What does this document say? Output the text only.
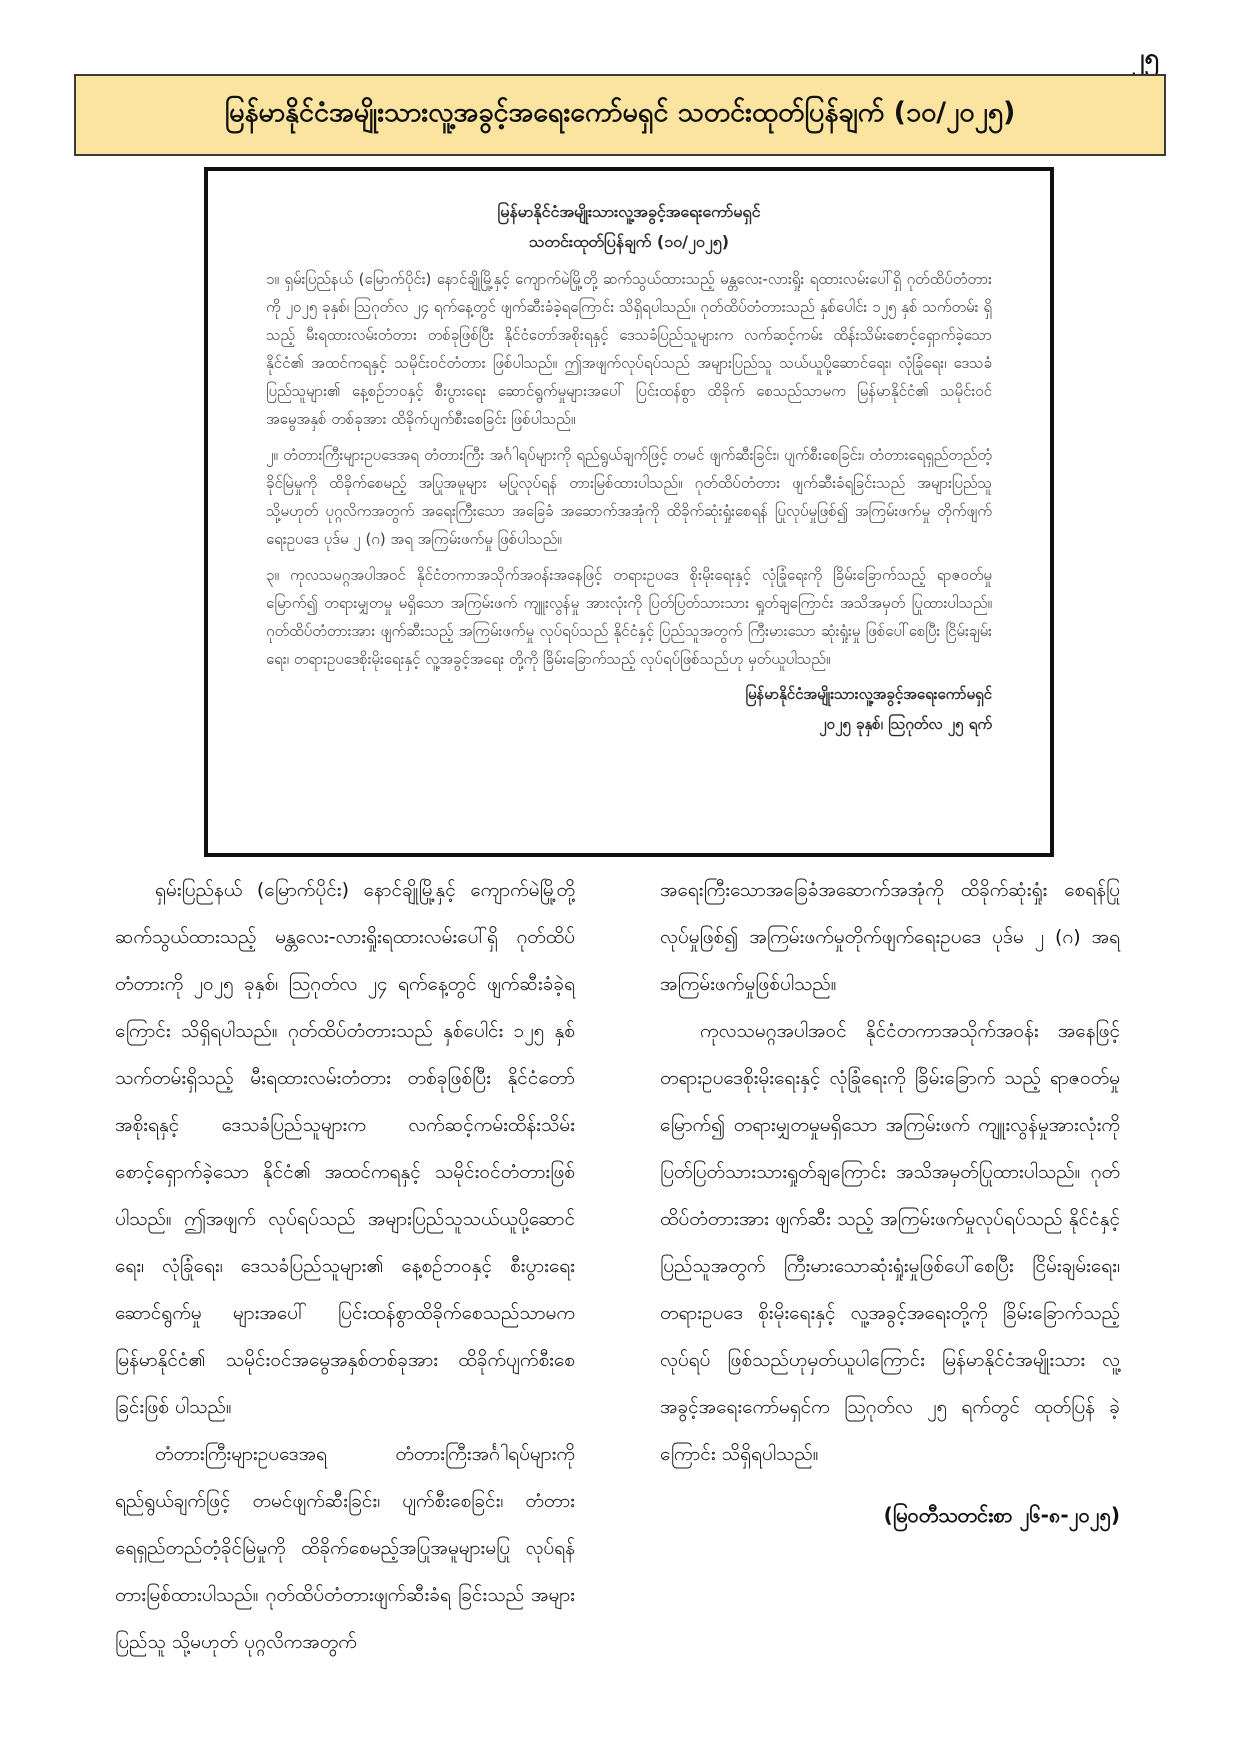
၂၅
မြန်မာနိုင်ငံအမျိုးသားလူ့အခွင့်အရေးကော်မရှင် သတင်းထုတ်ပြန်ချက် (၁၀/၂၀၂၅)
မြန်မာနိုင်ငံအမျိုးသားလူ့အခွင့်အရေးကော်မရှင်
သတင်းထုတ်ပြန်ချက် (၁၀/၂၀၂၅)

၁။ ရှမ်းပြည်နယ် (မြောက်ပိုင်း) နောင်ချိုမြို့နှင့် ကျောက်မဲမြို့တို့ ဆက်သွယ်ထားသည့် မန္တလေး-လားရှိုး ရထားလမ်းပေါ်ရှိ ဂုတ်ထိပ်တံတားကို ၂၀၂၅ ခုနှစ်၊ ဩဂုတ်လ ၂၄ ရက်နေ့တွင် ဖျက်ဆီးခံခဲ့ရကြောင်း သိရှိရပါသည်။ ဂုတ်ထိပ်တံတားသည် နှစ်ပေါင်း ၁၂၅ နှစ် သက်တမ်း ရှိသည့် မီးရထားလမ်းတံတား တစ်ခုဖြစ်ပြီး နိုင်ငံတော်အစိုးရနှင့် ဒေသခံပြည်သူများက လက်ဆင့်ကမ်း ထိန်းသိမ်းစောင့်ရှောက်ခဲ့သော နိုင်ငံ၏ အထင်ကရနှင့် သမိုင်းဝင်တံတား ဖြစ်ပါသည်။ ဤအဖျက်လုပ်ရပ်သည် အများပြည်သူ သယ်ယူပို့ဆောင်ရေး၊ လုံခြုံရေး၊ ဒေသခံပြည်သူများ၏ နေ့စဉ်ဘဝနှင့် စီးပွားရေး ဆောင်ရွက်မှုများအပေါ် ပြင်းထန်စွာ ထိခိုက် စေသည်သာမက မြန်မာနိုင်ငံ၏ သမိုင်းဝင်အမွေအနှစ် တစ်ခုအား ထိခိုက်ပျက်စီးစေခြင်း ဖြစ်ပါသည်။

၂။ တံတားကြီးများဥပဒေအရ တံတားကြီး အင်္ဂါရပ်များကို ရည်ရွယ်ချက်ဖြင့် တမင် ဖျက်ဆီးခြင်း၊ ပျက်စီးစေခြင်း၊ တံတားရေရှည်တည်တံ့ခိုင်မြဲမှုကို ထိခိုက်စေမည့် အပြုအမူများ မပြုလုပ်ရန် တားမြစ်ထားပါသည်။ ဂုတ်ထိပ်တံတား ဖျက်ဆီးခံရခြင်းသည် အများပြည်သူ သို့မဟုတ် ပုဂ္ဂလိကအတွက် အရေးကြီးသော အခြေခံ အဆောက်အအုံကို ထိခိုက်ဆုံးရှုံးစေရန် ပြုလုပ်မှုဖြစ်၍ အကြမ်းဖက်မှု တိုက်ဖျက်ရေးဥပဒေ ပုဒ်မ ၂ (ဂ) အရ အကြမ်းဖက်မှု ဖြစ်ပါသည်။

၃။ ကုလသမဂ္ဂအပါအဝင် နိုင်ငံတကာအသိုက်အဝန်းအနေဖြင့် တရားဥပဒေ စိုးမိုးရေးနှင့် လုံခြုံရေးကို ခြိမ်းခြောက်သည့် ရာဇဝတ်မှုမြောက်၍ တရားမျှတမှု မရှိသော အကြမ်းဖက် ကျူးလွန်မှု အားလုံးကို ပြတ်ပြတ်သားသား ရှုတ်ချကြောင်း အသိအမှတ် ပြုထားပါသည်။ ဂုတ်ထိပ်တံတားအား ဖျက်ဆီးသည့် အကြမ်းဖက်မှု လုပ်ရပ်သည် နိုင်ငံနှင့် ပြည်သူအတွက် ကြီးမားသော ဆုံးရှုံးမှု ဖြစ်ပေါ်စေပြီး ငြိမ်းချမ်းရေး၊ တရားဥပဒေစိုးမိုးရေးနှင့် လူ့အခွင့်အရေး တို့ကို ခြိမ်းခြောက်သည့် လုပ်ရပ်ဖြစ်သည်ဟု မှတ်ယူပါသည်။

မြန်မာနိုင်ငံအမျိုးသားလူ့အခွင့်အရေးကော်မရှင်
၂၀၂၅ ခုနှစ်၊ ဩဂုတ်လ ၂၅ ရက်

ရှမ်းပြည်နယ် (မြောက်ပိုင်း) နောင်ချိုမြို့နှင့် ကျောက်မဲမြို့တို့ဆက်သွယ်ထားသည့် မန္တလေး-လားရှိုးရထားလမ်းပေါ်ရှိ ဂုတ်ထိပ်တံတားကို ၂၀၂၅ ခုနှစ်၊ ဩဂုတ်လ ၂၄ ရက်နေ့တွင် ဖျက်ဆီးခံခဲ့ရကြောင်း သိရှိရပါသည်။ ဂုတ်ထိပ်တံတားသည် နှစ်ပေါင်း ၁၂၅ နှစ် သက်တမ်းရှိသည့် မီးရထားလမ်းတံတား တစ်ခုဖြစ်ပြီး နိုင်ငံတော်အစိုးရနှင့် ဒေသခံပြည်သူများက လက်ဆင့်ကမ်းထိန်းသိမ်းစောင့်ရှောက်ခဲ့သော နိုင်ငံ၏ အထင်ကရနှင့် သမိုင်းဝင်တံတားဖြစ်ပါသည်။ ဤအဖျက် လုပ်ရပ်သည် အများပြည်သူသယ်ယူပို့ဆောင်ရေး၊ လုံခြုံရေး၊ ဒေသခံပြည်သူများ၏ နေ့စဉ်ဘဝနှင့် စီးပွားရေးဆောင်ရွက်မှု များအပေါ် ပြင်းထန်စွာထိခိုက်စေသည်သာမက မြန်မာနိုင်ငံ၏ သမိုင်းဝင်အမွေအနှစ်တစ်ခုအား ထိခိုက်ပျက်စီးစေခြင်းဖြစ် ပါသည်။

တံတားကြီးများဥပဒေအရ တံတားကြီးအင်္ဂါရပ်များကို ရည်ရွယ်ချက်ဖြင့် တမင်ဖျက်ဆီးခြင်း၊ ပျက်စီးစေခြင်း၊ တံတား ရေရှည်တည်တံ့ခိုင်မြဲမှုကို ထိခိုက်စေမည့်အပြုအမူများမပြု လုပ်ရန်တားမြစ်ထားပါသည်။ ဂုတ်ထိပ်တံတားဖျက်ဆီးခံရ ခြင်းသည် အများပြည်သူ သို့မဟုတ် ပုဂ္ဂလိကအတွက်

အရေးကြီးသောအခြေခံအဆောက်အအုံကို ထိခိုက်ဆုံးရှုံး စေရန်ပြုလုပ်မှုဖြစ်၍ အကြမ်းဖက်မှုတိုက်ဖျက်ရေးဥပဒေ ပုဒ်မ ၂ (ဂ) အရ အကြမ်းဖက်မှုဖြစ်ပါသည်။

ကုလသမဂ္ဂအပါအဝင် နိုင်ငံတကာအသိုက်အဝန်း အနေဖြင့် တရားဥပဒေစိုးမိုးရေးနှင့် လုံခြုံရေးကို ခြိမ်းခြောက် သည့် ရာဇဝတ်မှုမြောက်၍ တရားမျှတမှုမရှိသော အကြမ်းဖက် ကျူးလွန်မှုအားလုံးကို ပြတ်ပြတ်သားသားရှုတ်ချကြောင်း အသိအမှတ်ပြုထားပါသည်။ ဂုတ်ထိပ်တံတားအား ဖျက်ဆီး သည့် အကြမ်းဖက်မှုလုပ်ရပ်သည် နိုင်ငံနှင့် ပြည်သူအတွက် ကြီးမားသောဆုံးရှုံးမှုဖြစ်ပေါ်စေပြီး ငြိမ်းချမ်းရေး၊ တရားဥပဒေ စိုးမိုးရေးနှင့် လူ့အခွင့်အရေးတို့ကို ခြိမ်းခြောက်သည့် လုပ်ရပ် ဖြစ်သည်ဟုမှတ်ယူပါကြောင်း မြန်မာနိုင်ငံအမျိုးသား လူ့အခွင့်အရေးကော်မရှင်က ဩဂုတ်လ ၂၅ ရက်တွင် ထုတ်ပြန် ခဲ့ကြောင်း သိရှိရပါသည်။

(မြဝတီသတင်းစာ ၂၆-၈-၂၀၂၅)
